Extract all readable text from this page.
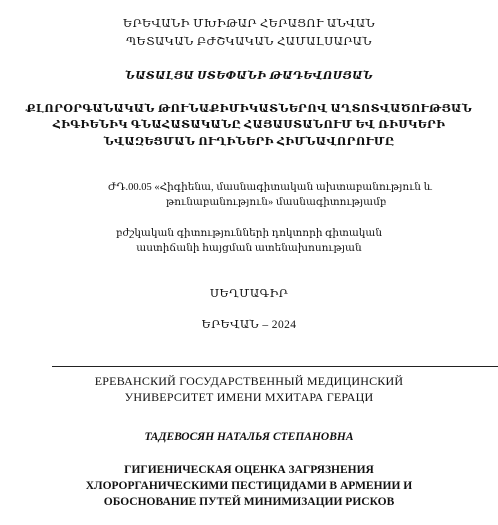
ԵՐԵՎԱՆԻ ՄԽԻԹԱՐ ՀԵՐԱՑՈՒ ԱՆՎԱՆ
ՊԵՏԱԿԱՆ ԲԺՇԿԱԿԱՆ ՀԱՄԱԼՍԱՐԱՆ
ՆԱՏԱԼՅԱ ՍՏԵՓԱՆԻ ԹԱԴԵՎՈՍՅԱՆ
ՔԼՈՐՕՐԳԱՆԱԿԱՆ ԹՈՒՆԱՔԻՄԻԿԱՏՆԵՐՈՎ ԱՂՏՈՏՎԱԾՈՒԹՅԱՆ
ՀԻԳԻԵՆԻԿ ԳՆԱՀԱՏԱԿԱՆԸ ՀԱՅԱՍՏԱՆՈՒՄ ԵՎ ՌԻՍԿԵՐԻ
ՆՎԱԶԵՑՄԱՆ ՈՒՂԻՆԵՐԻ ՀԻՄՆԱՎՈՐՈՒՄԸ
ԺԴ.00.05 «Հիգիենա, մասնագիտական ախտաբանություն և
թունաբանություն» մասնագիտությամբ
բժշկական գիտությունների դոկտորի գիտական
աստիճանի հայցման ատենախոսության
ՍԵՂՄԱԳԻՐ
ԵՐԵՎԱՆ – 2024
ЕРЕВАНСКИЙ ГОСУДАРСТВЕННЫЙ МЕДИЦИНСКИЙ
УНИВЕРСИТЕТ ИМЕНИ МХИТАРА ГЕРАЦИ
ТАДЕВОСЯН НАТАЛЬЯ СТЕПАНОВНА
ГИГИЕНИЧЕСКАЯ ОЦЕНКА ЗАГРЯЗНЕНИЯ
ХЛОРОРГАНИЧЕСКИМИ ПЕСТИЦИДАМИ В АРМЕНИИ И
ОБОСНОВАНИЕ ПУТЕЙ МИНИМИЗАЦИИ РИСКОВ
